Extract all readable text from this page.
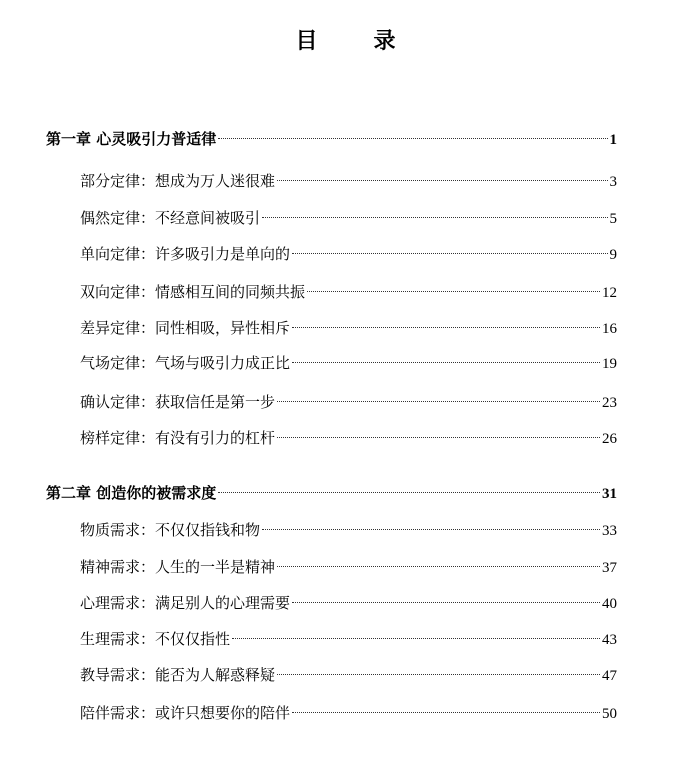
目	录
第一章 心灵吸引力普适律	1
部分定律：想成为万人迷很难	3
偶然定律：不经意间被吸引	5
单向定律：许多吸引力是单向的	9
双向定律：情感相互间的同频共振	12
差异定律：同性相吸，异性相斥	16
气场定律：气场与吸引力成正比	19
确认定律：获取信任是第一步	23
榜样定律：有没有引力的杠杆	26
第二章 创造你的被需求度	31
物质需求：不仅仅指钱和物	33
精神需求：人生的一半是精神	37
心理需求：满足别人的心理需要	40
生理需求：不仅仅指性	43
教导需求：能否为人解惑释疑	47
陪伴需求：或许只想要你的陪伴	50
